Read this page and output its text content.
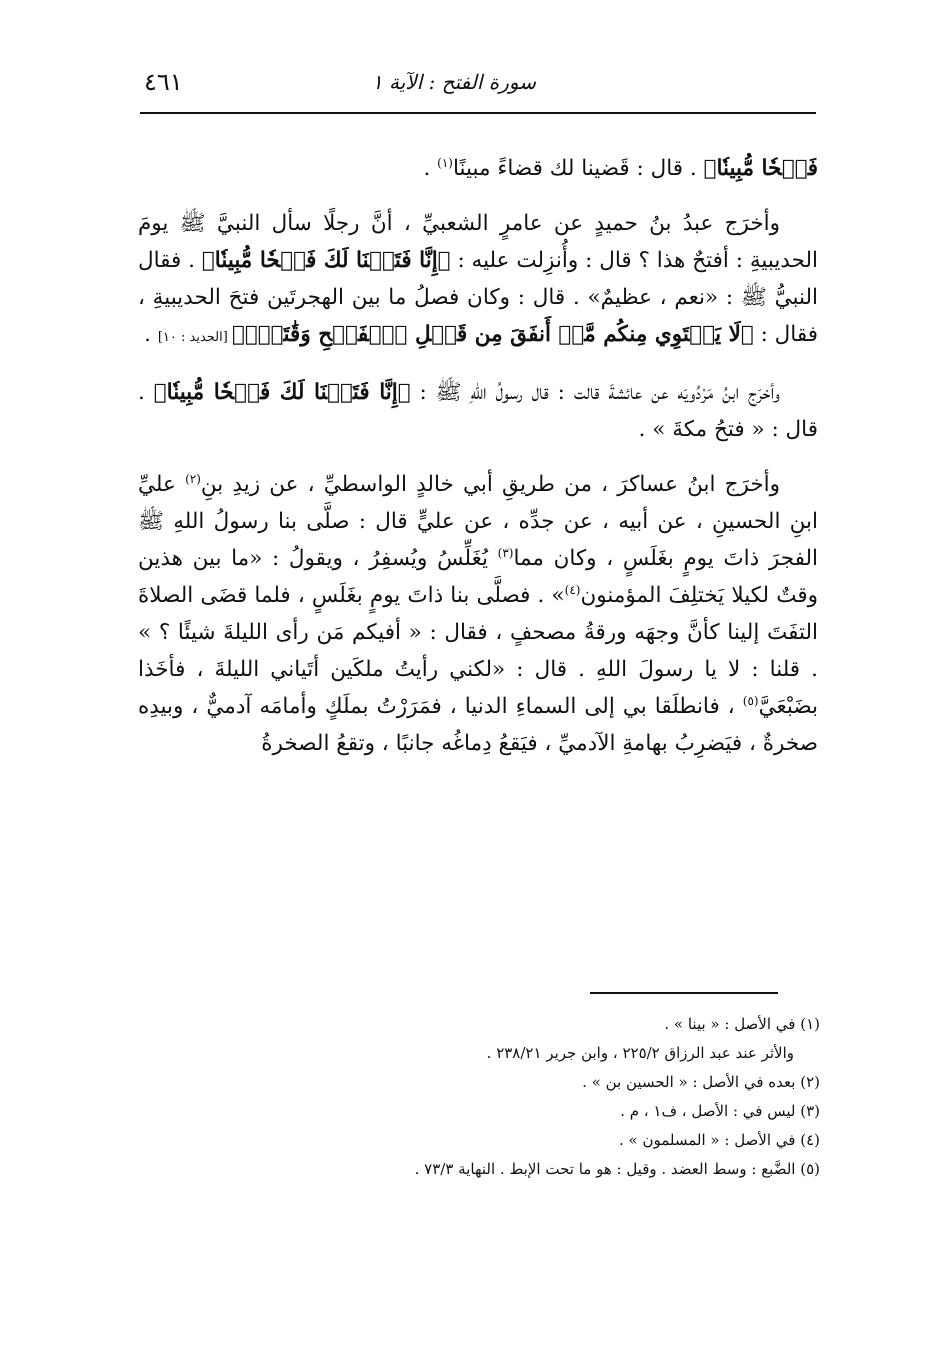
٤٦١	سورة الفتح : الآية ١

فَتۡحٗا مُّبِينٗا﴾ . قال : قَضينا لك قضاءً مبينًا$^{(١)}$ .

وأخرَج عبدُ بنُ حميدٍ عن عامرٍ الشعبيِّ ، أنَّ رجلًا سأل النبيَّ ﷺ يومَ الحديبيةِ : أفتحٌ هذا ؟ قال : وأُنزِلت عليه : ﴿إِنَّا فَتَحۡنَا لَكَ فَتۡحٗا مُّبِينٗا﴾ . فقال النبيُّ ﷺ : «نعم ، عظيمٌ» . قال : وكان فصلُ ما بين الهجرتَين فتحَ الحديبيةِ ، فقال : ﴿لَا يَسۡتَوِي مِنكُم مَّنۡ أَنفَقَ مِن قَبۡلِ ٱلۡفَتۡحِ وَقَٰتَلَۚ﴾ [الحديد : ١٠] .

وأخرَج ابنُ مَرْدُويَه عن عائشةَ قالت : قال رسولُ اللهِ ﷺ : ﴿إِنَّا فَتَحۡنَا لَكَ فَتۡحٗا مُّبِينٗا﴾ . قال : « فتحُ مكةَ » .

وأخرَج ابنُ عساكرَ ، من طريقِ أبي خالدٍ الواسطيِّ ، عن زيدِ بنِ$^{(٢)}$ عليِّ ابنِ الحسينِ ، عن أبيه ، عن جدِّه ، عن عليٍّ قال : صلَّى بنا رسولُ اللهِ ﷺ الفجرَ ذاتَ يومٍ بغَلَسٍ ، وكان مما$^{(٣)}$ يُغَلِّسُ ويُسفِرُ ، ويقولُ : «ما بين هذين وقتٌ لكيلا يَختلِفَ المؤمنون$^{(٤)}$» . فصلَّى بنا ذاتَ يومٍ بغَلَسٍ ، فلما قضَى الصلاةَ التفَتَ إلينا كأنَّ وجهَه ورقةُ مصحفٍ ، فقال : « أفيكم مَن رأى الليلةَ شيئًا ؟ » . قلنا : لا يا رسولَ اللهِ . قال : «لكني رأيتُ ملكَين أتَياني الليلةَ ، فأخَذا بضَبْعَيَّ$^{(٥)}$ ، فانطلَقا بي إلى السماءِ الدنيا ، فمَرَرْتُ بملَكٍ وأمامَه آدميٌّ ، وبيدِه صخرةٌ ، فيَضرِبُ بهامةِ الآدميِّ ، فيَقعُ دِماغُه جانبًا ، وتقعُ الصخرةُ

(١) في الأصل : « بينا » .

والأثر عند عبد الرزاق ٢٢٥/٢ ، وابن جرير ٢٣٨/٢١ .

(٢) بعده في الأصل : « الحسين بن » .

(٣) ليس في : الأصل ، ف١ ، م .

(٤) في الأصل : « المسلمون » .

(٥) الضَّبع : وسط العضد . وقيل : هو ما تحت الإبط . النهاية ٧٣/٣ .
